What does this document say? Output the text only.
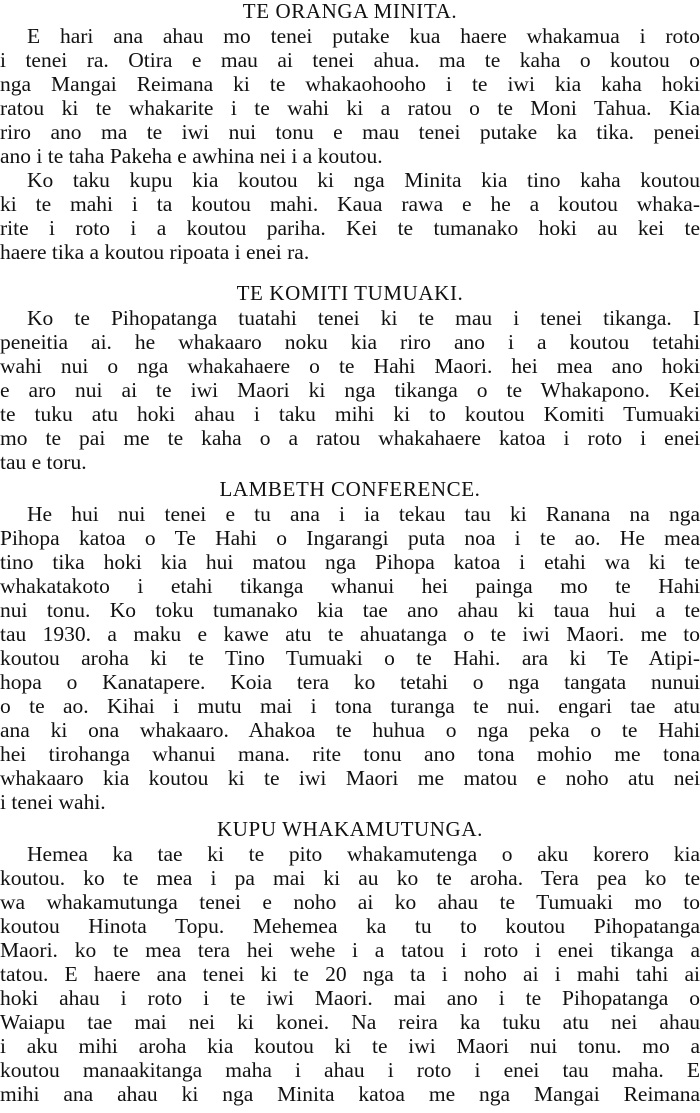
TE ORANGA MINITA.

E hari ana ahau mo tenei putake kua haere whakamua i roto

i tenei ra. Otira e mau ai tenei ahua. ma te kaha o koutou o

nga Mangai Reimana ki te whakaohooho i te iwi kia kaha hoki

ratou ki te whakarite i te wahi ki a ratou o te Moni Tahua. Kia

riro ano ma te iwi nui tonu e mau tenei putake ka tika. penei

ano i te taha Pakeha e awhina nei i a koutou.

Ko taku kupu kia koutou ki nga Minita kia tino kaha koutou

ki te mahi i ta koutou mahi. Kaua rawa e he a koutou whaka-

rite i roto i a koutou pariha. Kei te tumanako hoki au kei te

haere tika a koutou ripoata i enei ra.

TE KOMITI TUMUAKI.

Ko te Pihopatanga tuatahi tenei ki te mau i tenei tikanga. I

peneitia ai. he whakaaro noku kia riro ano i a koutou tetahi

wahi nui o nga whakahaere o te Hahi Maori. hei mea ano hoki

e aro nui ai te iwi Maori ki nga tikanga o te Whakapono. Kei

te tuku atu hoki ahau i taku mihi ki to koutou Komiti Tumuaki

mo te pai me te kaha o a ratou whakahaere katoa i roto i enei

tau e toru.

LAMBETH CONFERENCE.

He hui nui tenei e tu ana i ia tekau tau ki Ranana na nga

Pihopa katoa o Te Hahi o Ingarangi puta noa i te ao. He mea

tino tika hoki kia hui matou nga Pihopa katoa i etahi wa ki te

whakatakoto i etahi tikanga whanui hei painga mo te Hahi

nui tonu. Ko toku tumanako kia tae ano ahau ki taua hui a te

tau 1930. a maku e kawe atu te ahuatanga o te iwi Maori. me to

koutou aroha ki te Tino Tumuaki o te Hahi. ara ki Te Atipi-

hopa o Kanatapere. Koia tera ko tetahi o nga tangata nunui

o te ao. Kihai i mutu mai i tona turanga te nui. engari tae atu

ana ki ona whakaaro. Ahakoa te huhua o nga peka o te Hahi

hei tirohanga whanui mana. rite tonu ano tona mohio me tona

whakaaro kia koutou ki te iwi Maori me matou e noho atu nei

i tenei wahi.

KUPU WHAKAMUTUNGA.

Hemea ka tae ki te pito whakamutenga o aku korero kia

koutou. ko te mea i pa mai ki au ko te aroha. Tera pea ko te

wa whakamutunga tenei e noho ai ko ahau te Tumuaki mo to

koutou Hinota Topu. Mehemea ka tu to koutou Pihopatanga

Maori. ko te mea tera hei wehe i a tatou i roto i enei tikanga a

tatou. E haere ana tenei ki te 20 nga ta i noho ai i mahi tahi ai

hoki ahau i roto i te iwi Maori. mai ano i te Pihopatanga o

Waiapu tae mai nei ki konei. Na reira ka tuku atu nei ahau

i aku mihi aroha kia koutou ki te iwi Maori nui tonu. mo a

koutou manaakitanga maha i ahau i roto i enei tau maha. E

mihi ana ahau ki nga Minita katoa me nga Mangai Reimana
